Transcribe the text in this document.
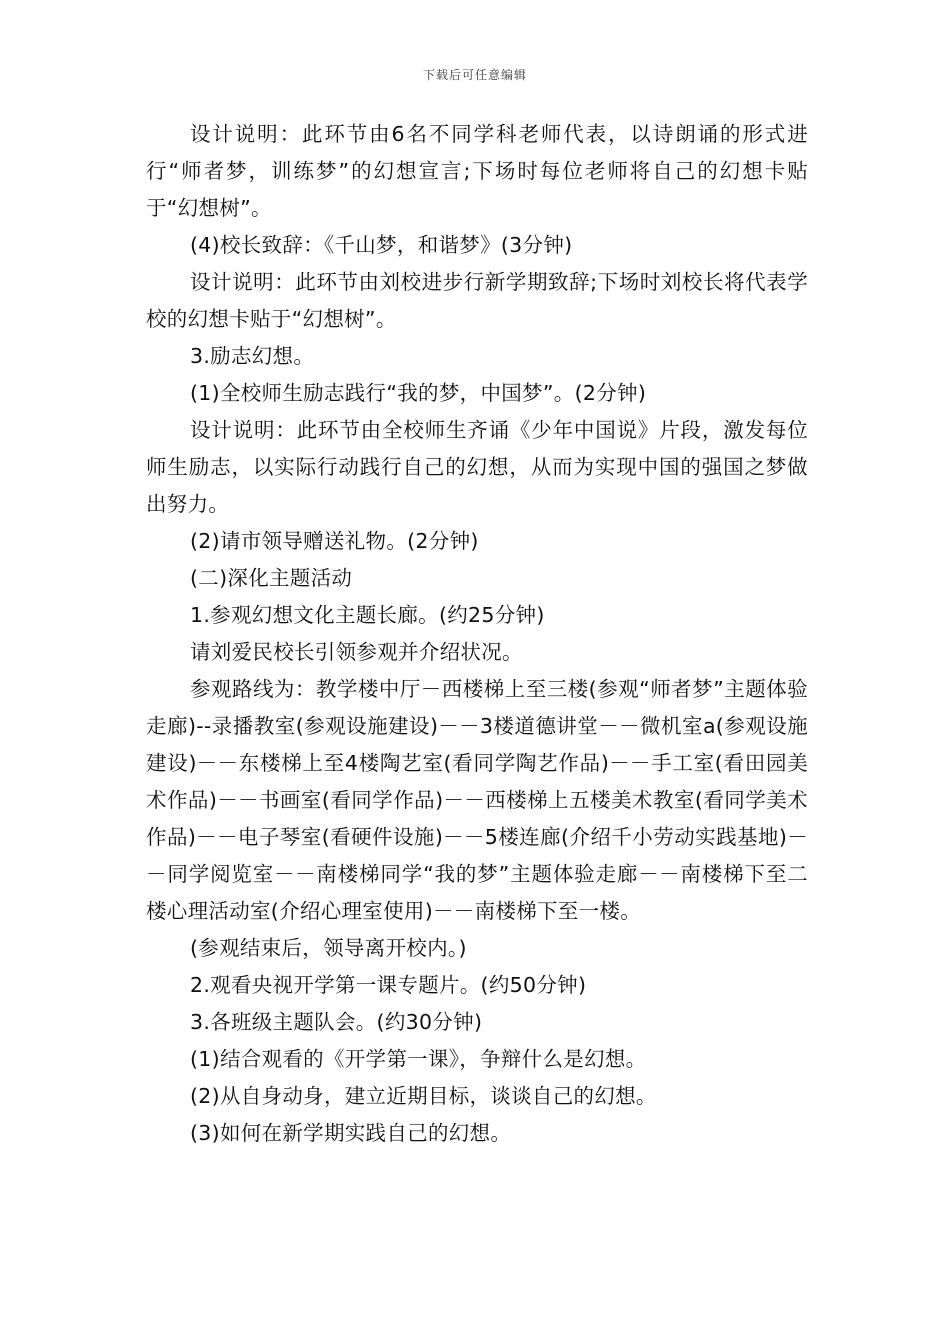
下载后可任意编辑

设计说明：此环节由6名不同学科老师代表，以诗朗诵的形式进行“师者梦，训练梦”的幻想宣言;下场时每位老师将自己的幻想卡贴于“幻想树”。

(4)校长致辞：《千山梦，和谐梦》(3分钟)

设计说明：此环节由刘校进步行新学期致辞;下场时刘校长将代表学校的幻想卡贴于“幻想树”。

3.励志幻想。

(1)全校师生励志践行“我的梦，中国梦”。(2分钟)

设计说明：此环节由全校师生齐诵《少年中国说》片段，激发每位师生励志，以实际行动践行自己的幻想，从而为实现中国的强国之梦做出努力。

(2)请市领导赠送礼物。(2分钟)

(二)深化主题活动

1.参观幻想文化主题长廊。(约25分钟)

请刘爱民校长引领参观并介绍状况。

参观路线为：教学楼中厅－西楼梯上至三楼(参观“师者梦”主题体验走廊)--录播教室(参观设施建设)－－3楼道德讲堂－－微机室a(参观设施建设)－－东楼梯上至4楼陶艺室(看同学陶艺作品)－－手工室(看田园美术作品)－－书画室(看同学作品)－－西楼梯上五楼美术教室(看同学美术作品)－－电子琴室(看硬件设施)－－5楼连廊(介绍千小劳动实践基地)－－同学阅览室－－南楼梯同学“我的梦”主题体验走廊－－南楼梯下至二楼心理活动室(介绍心理室使用)－－南楼梯下至一楼。

(参观结束后，领导离开校内。)

2.观看央视开学第一课专题片。(约50分钟)

3.各班级主题队会。(约30分钟)

(1)结合观看的《开学第一课》，争辩什么是幻想。

(2)从自身动身，建立近期目标，谈谈自己的幻想。

(3)如何在新学期实践自己的幻想。
